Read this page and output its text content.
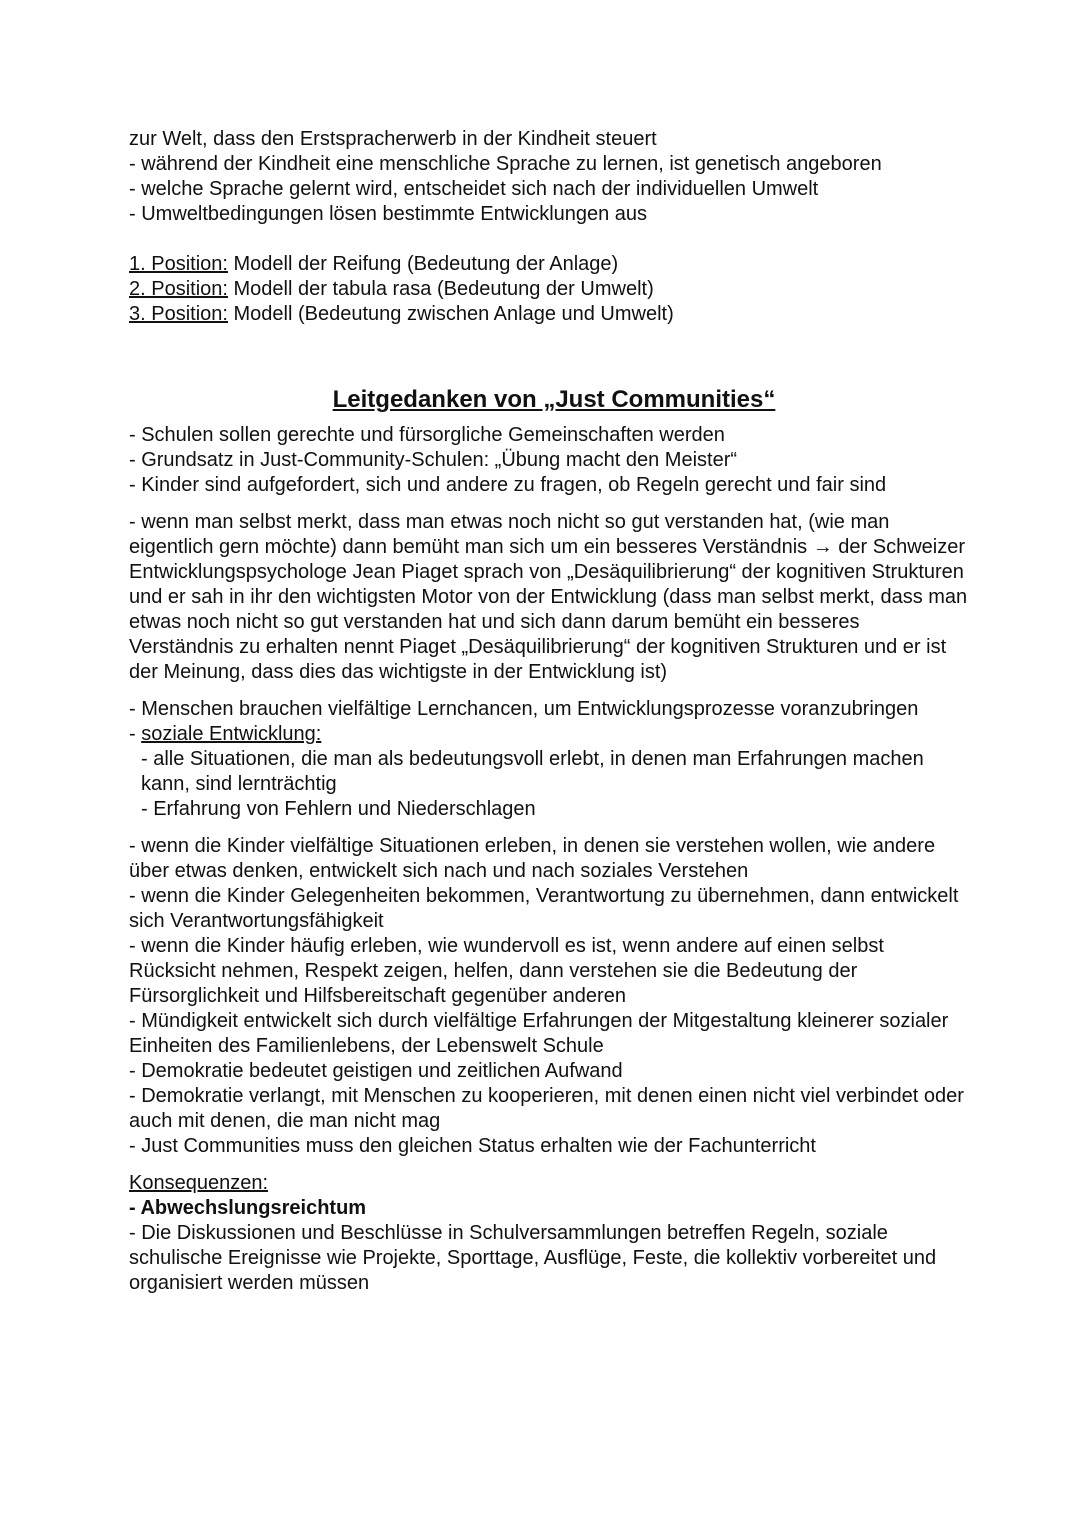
zur Welt, dass den Erstspracherwerb in der Kindheit steuert

- während der Kindheit eine menschliche Sprache zu lernen, ist genetisch angeboren

- welche Sprache gelernt wird, entscheidet sich nach der individuellen Umwelt

- Umweltbedingungen lösen bestimmte Entwicklungen aus

1. Position: Modell der Reifung (Bedeutung der Anlage)

2. Position: Modell der tabula rasa (Bedeutung der Umwelt)

3. Position: Modell (Bedeutung zwischen Anlage und Umwelt)

Leitgedanken von „Just Communities“

- Schulen sollen gerechte und fürsorgliche Gemeinschaften werden

- Grundsatz in Just-Community-Schulen: „Übung macht den Meister“

- Kinder sind aufgefordert, sich und andere zu fragen, ob Regeln gerecht und fair sind

- wenn man selbst merkt, dass man etwas noch nicht so gut verstanden hat, (wie man eigentlich gern möchte) dann bemüht man sich um ein besseres Verständnis → der Schweizer Entwicklungspsychologe Jean Piaget sprach von „Desäquilibrierung“ der kognitiven Strukturen und er sah in ihr den wichtigsten Motor von der Entwicklung (dass man selbst merkt, dass man etwas noch nicht so gut verstanden hat und sich dann darum bemüht ein besseres Verständnis zu erhalten nennt Piaget „Desäquilibrierung“ der kognitiven Strukturen und er ist der Meinung, dass dies das wichtigste in der Entwicklung ist)

- Menschen brauchen vielfältige Lernchancen, um Entwicklungsprozesse voranzubringen

- soziale Entwicklung:

- alle Situationen, die man als bedeutungsvoll erlebt, in denen man Erfahrungen machen kann, sind lernträchtig

- Erfahrung von Fehlern und Niederschlagen

- wenn die Kinder vielfältige Situationen erleben, in denen sie verstehen wollen, wie andere über etwas denken, entwickelt sich nach und nach soziales Verstehen

- wenn die Kinder Gelegenheiten bekommen, Verantwortung zu übernehmen, dann entwickelt sich Verantwortungsfähigkeit

- wenn die Kinder häufig erleben, wie wundervoll es ist, wenn andere auf einen selbst Rücksicht nehmen, Respekt zeigen, helfen, dann verstehen sie die Bedeutung der Fürsorglichkeit und Hilfsbereitschaft gegenüber anderen

- Mündigkeit entwickelt sich durch vielfältige Erfahrungen der Mitgestaltung kleinerer sozialer Einheiten des Familienlebens, der Lebenswelt Schule

- Demokratie bedeutet geistigen und zeitlichen Aufwand

- Demokratie verlangt, mit Menschen zu kooperieren, mit denen einen nicht viel verbindet oder auch mit denen, die man nicht mag

- Just Communities muss den gleichen Status erhalten wie der Fachunterricht

Konsequenzen:

- Abwechslungsreichtum

- Die Diskussionen und Beschlüsse in Schulversammlungen betreffen Regeln, soziale schulische Ereignisse wie Projekte, Sporttage, Ausflüge, Feste, die kollektiv vorbereitet und organisiert werden müssen
